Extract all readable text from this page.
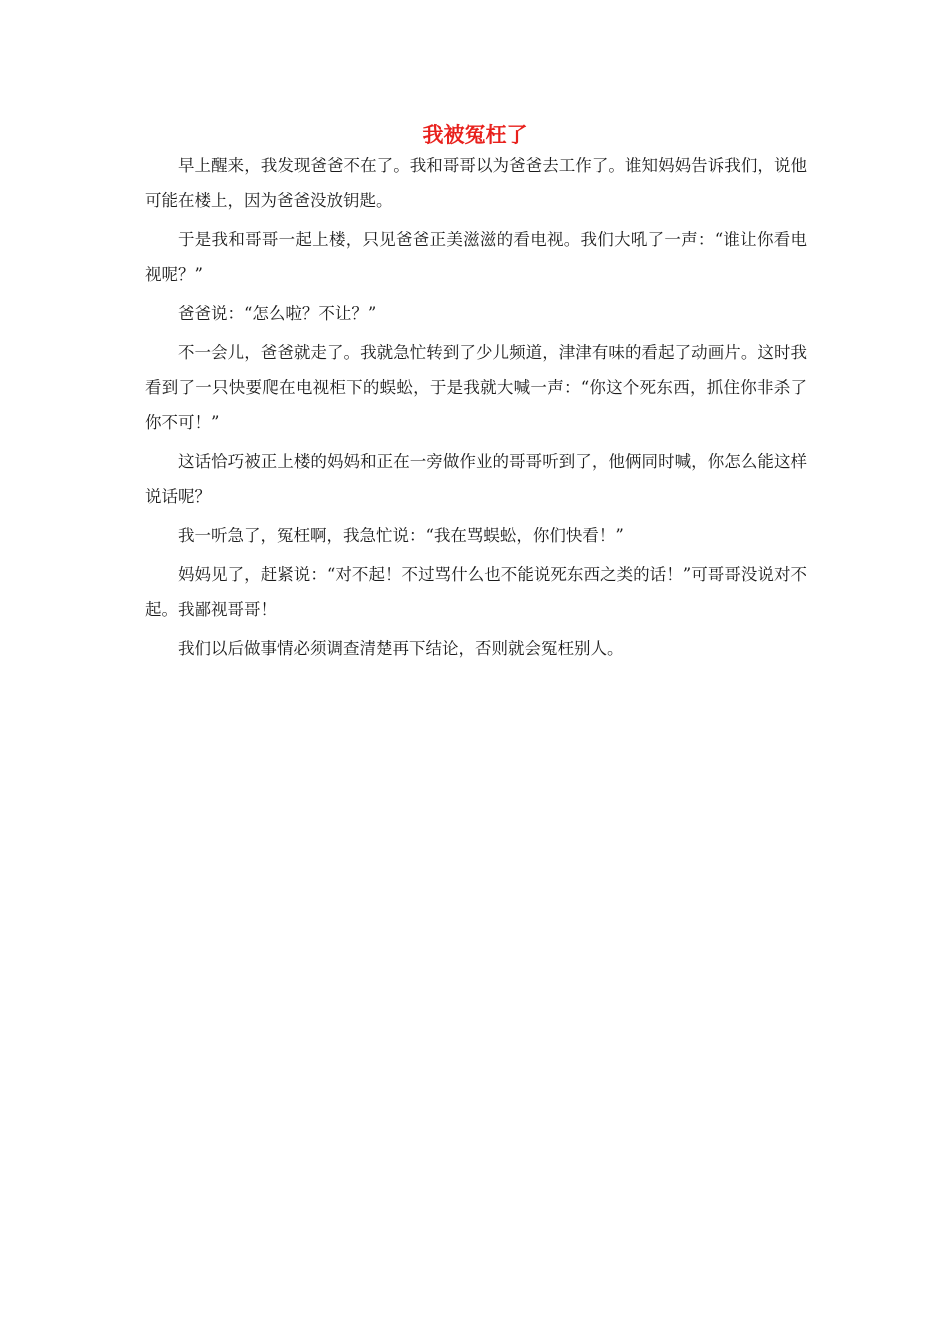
我被冤枉了

早上醒来，我发现爸爸不在了。我和哥哥以为爸爸去工作了。谁知妈妈告诉我们，说他可能在楼上，因为爸爸没放钥匙。

于是我和哥哥一起上楼，只见爸爸正美滋滋的看电视。我们大吼了一声：“谁让你看电视呢？”

爸爸说：“怎么啦？不让？”

不一会儿，爸爸就走了。我就急忙转到了少儿频道，津津有味的看起了动画片。这时我看到了一只快要爬在电视柜下的蜈蚣，于是我就大喊一声：“你这个死东西，抓住你非杀了你不可！”

这话恰巧被正上楼的妈妈和正在一旁做作业的哥哥听到了，他俩同时喊，你怎么能这样说话呢？

我一听急了，冤枉啊，我急忙说：“我在骂蜈蚣，你们快看！”

妈妈见了，赶紧说：“对不起！不过骂什么也不能说死东西之类的话！”可哥哥没说对不起。我鄙视哥哥！

我们以后做事情必须调查清楚再下结论，否则就会冤枉别人。
